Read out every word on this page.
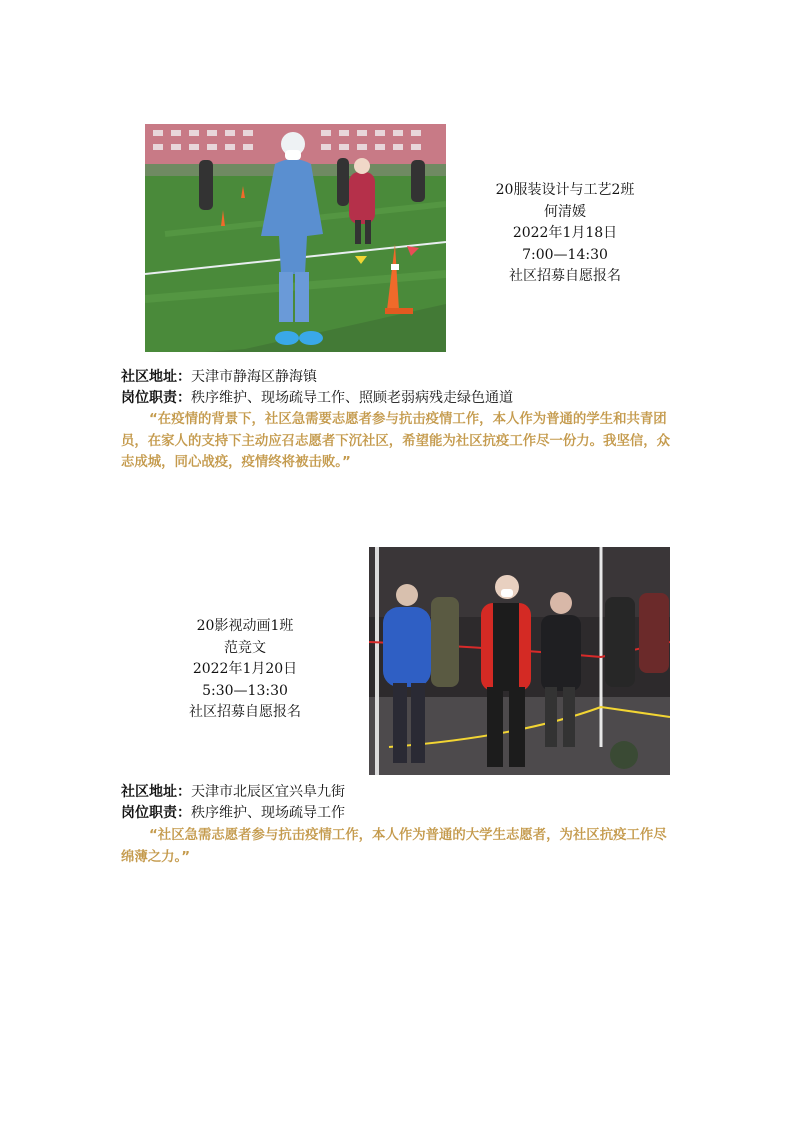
20服装设计与工艺2班
何清媛
2022年1月18日
7:00—14:30
社区招募自愿报名
社区地址：天津市静海区静海镇
岗位职责：秩序维护、现场疏导工作、照顾老弱病残走绿色通道
“在疫情的背景下，社区急需要志愿者参与抗击疫情工作，本人作为普通的学生和共青团员，在家人的支持下主动应召志愿者下沉社区，希望能为社区抗疫工作尽一份力。我坚信，众志成城，同心战疫，疫情终将被击败。”
20影视动画1班
范竞文
2022年1月20日
5:30—13:30
社区招募自愿报名
社区地址：天津市北辰区宜兴阜九街
岗位职责：秩序维护、现场疏导工作
“社区急需志愿者参与抗击疫情工作，本人作为普通的大学生志愿者，为社区抗疫工作尽绵薄之力。”
